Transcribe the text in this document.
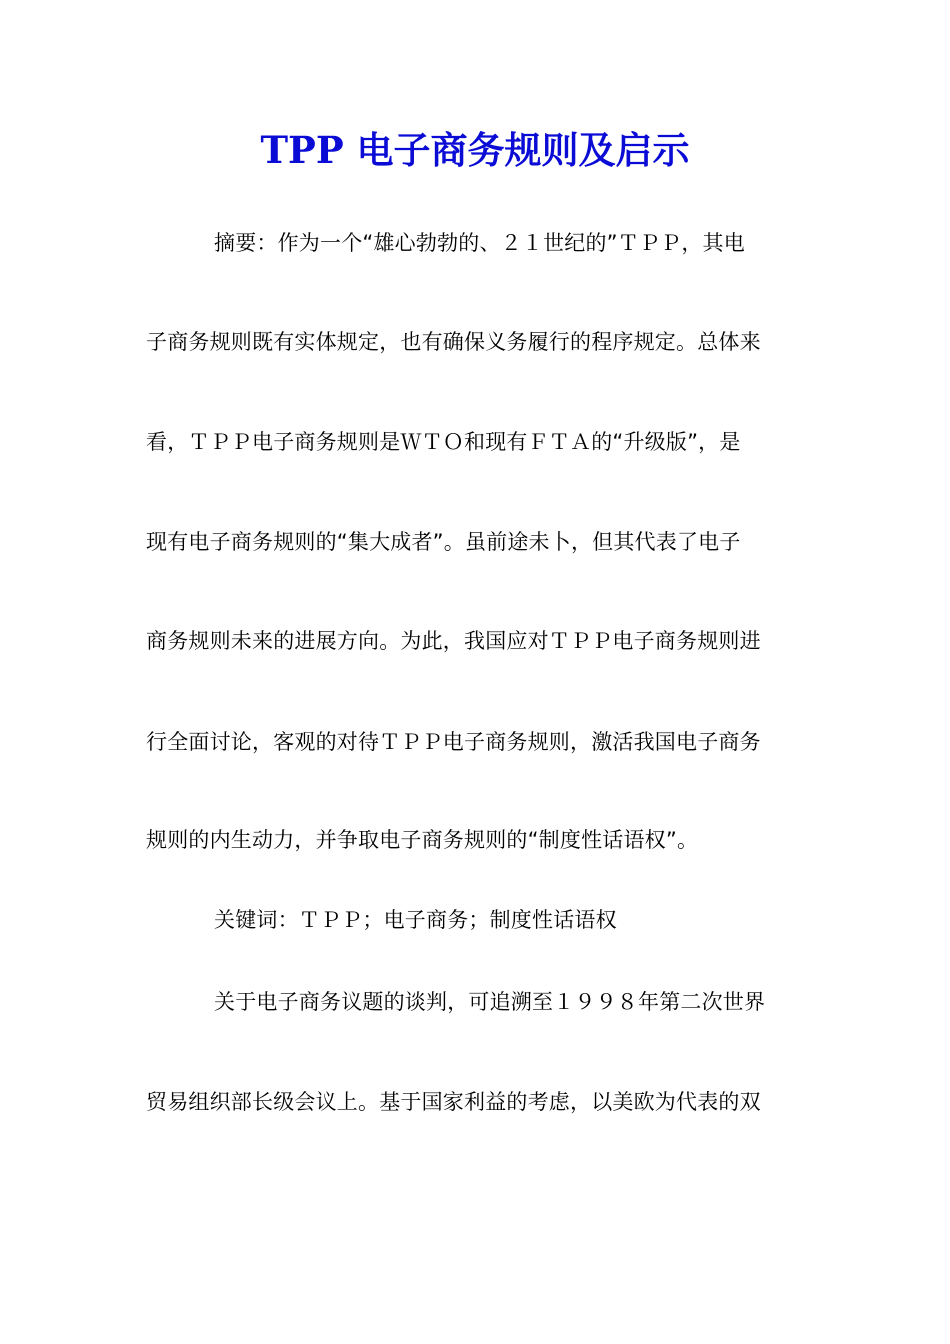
TPP 电子商务规则及启示
摘要：作为一个“雄心勃勃的、２１世纪的”ＴＰＰ，其电
子商务规则既有实体规定，也有确保义务履行的程序规定。总体来
看，ＴＰＰ电子商务规则是ＷＴＯ和现有ＦＴＡ的“升级版”，是
现有电子商务规则的“集大成者”。虽前途未卜，但其代表了电子
商务规则未来的进展方向。为此，我国应对ＴＰＰ电子商务规则进
行全面讨论，客观的对待ＴＰＰ电子商务规则，激活我国电子商务
规则的内生动力，并争取电子商务规则的“制度性话语权”。
关键词：ＴＰＰ；电子商务；制度性话语权
关于电子商务议题的谈判，可追溯至１９９８年第二次世界
贸易组织部长级会议上。基于国家利益的考虑，以美欧为代表的双
